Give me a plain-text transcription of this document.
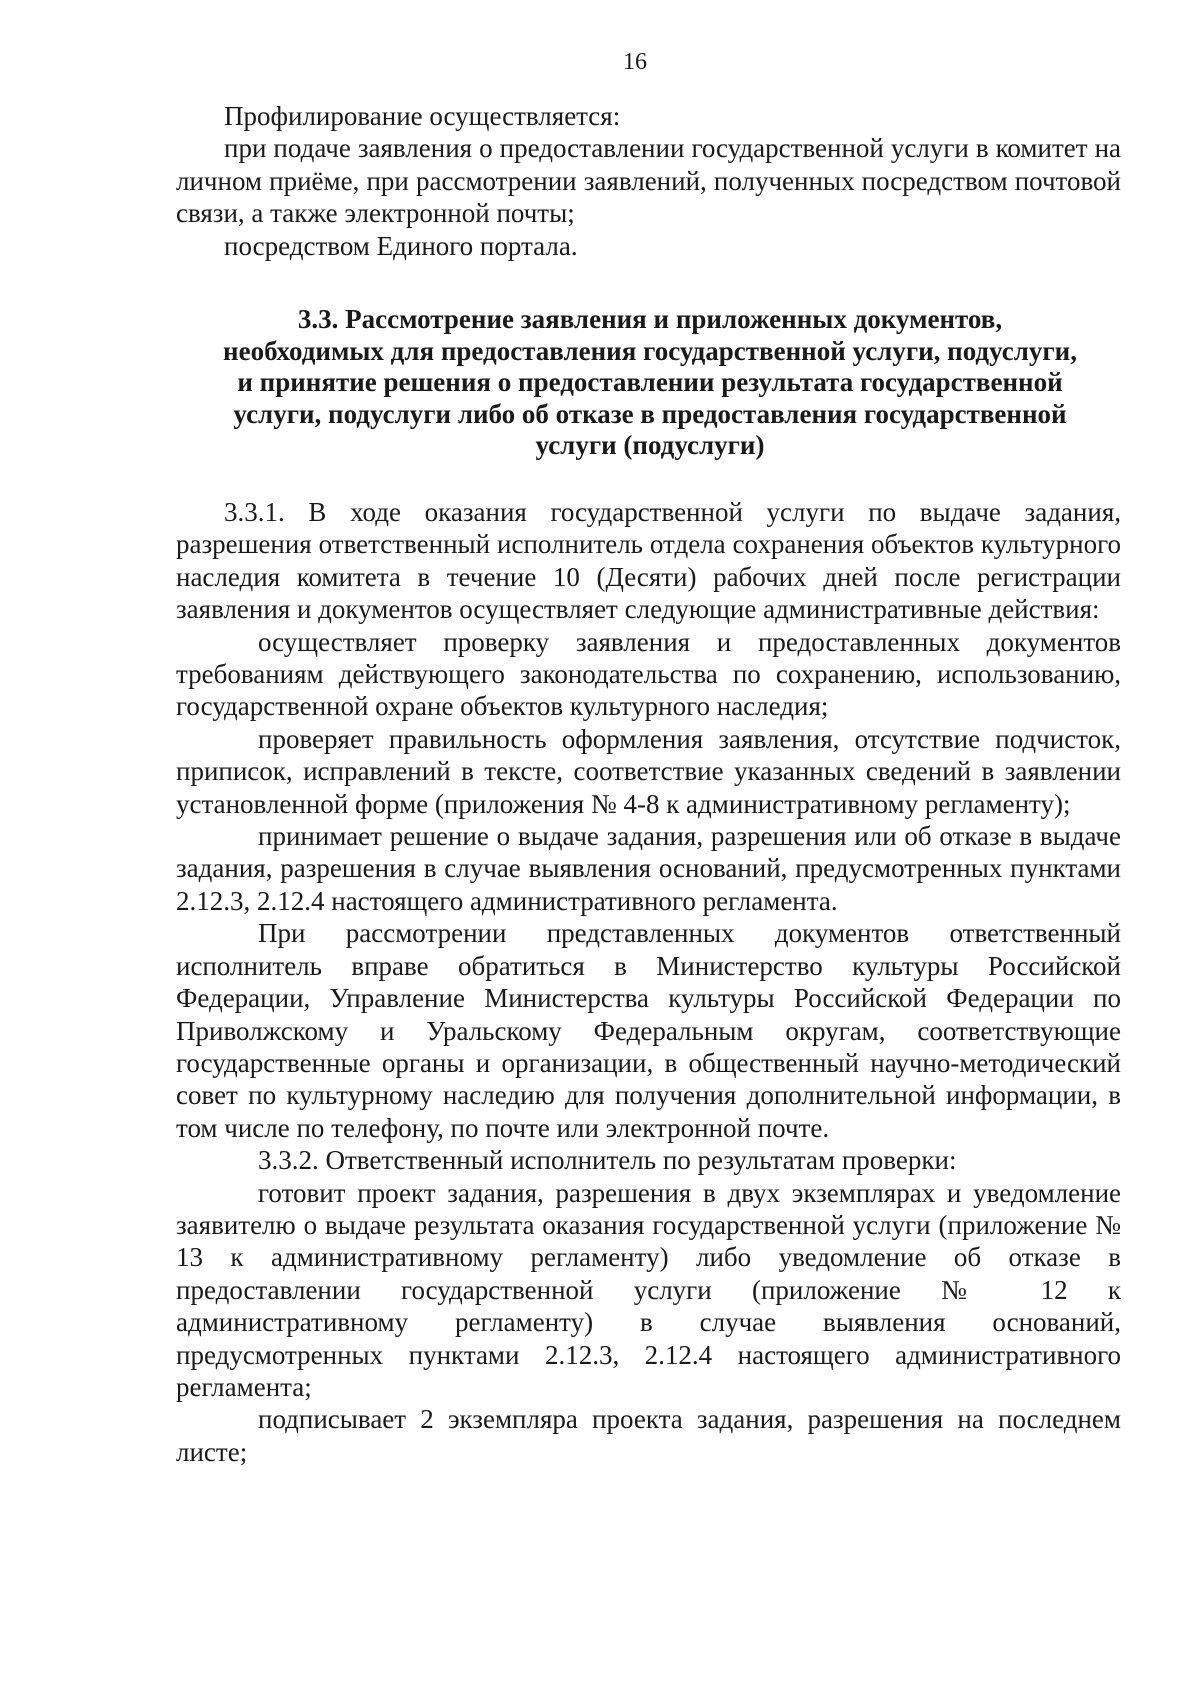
16

Профилирование осуществляется:

при подаче заявления о предоставлении государственной услуги в комитет на личном приёме, при рассмотрении заявлений, полученных посредством почтовой связи, а также электронной почты;

посредством Единого портала.

3.3. Рассмотрение заявления и приложенных документов,
необходимых для предоставления государственной услуги, подуслуги,
и принятие решения о предоставлении результата государственной
услуги, подуслуги либо об отказе в предоставления государственной
услуги (подуслуги)

3.3.1. В ходе оказания государственной услуги по выдаче задания, разрешения ответственный исполнитель отдела сохранения объектов культурного наследия комитета в течение 10 (Десяти) рабочих дней после регистрации заявления и документов осуществляет следующие административные действия:

осуществляет проверку заявления и предоставленных документов требованиям действующего законодательства по сохранению, использованию, государственной охране объектов культурного наследия;

проверяет правильность оформления заявления, отсутствие подчисток, приписок, исправлений в тексте, соответствие указанных сведений в заявлении установленной форме (приложения № 4-8 к административному регламенту);

принимает решение о выдаче задания, разрешения или об отказе в выдаче задания, разрешения в случае выявления оснований, предусмотренных пунктами 2.12.3, 2.12.4 настоящего административного регламента.

При рассмотрении представленных документов ответственный исполнитель вправе обратиться в Министерство культуры Российской Федерации, Управление Министерства культуры Российской Федерации по Приволжскому и Уральскому Федеральным округам, соответствующие государственные органы и организации, в общественный научно-методический совет по культурному наследию для получения дополнительной информации, в том числе по телефону, по почте или электронной почте.

3.3.2. Ответственный исполнитель по результатам проверки:

готовит проект задания, разрешения в двух экземплярах и уведомление заявителю о выдаче результата оказания государственной услуги (приложение № 13 к административному регламенту) либо уведомление об отказе в предоставлении государственной услуги (приложение № 12 к административному регламенту) в случае выявления оснований, предусмотренных пунктами 2.12.3, 2.12.4 настоящего административного регламента;

подписывает 2 экземпляра проекта задания, разрешения на последнем листе;
